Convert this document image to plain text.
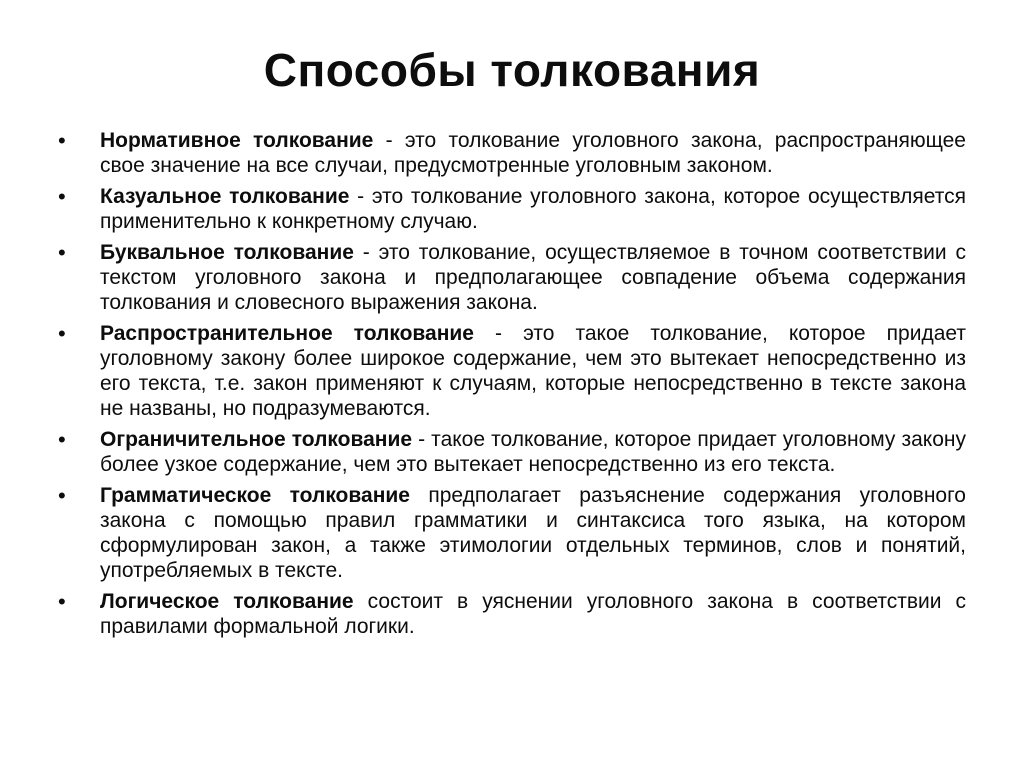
Способы толкования
•	Нормативное толкование - это толкование уголовного закона, распространяющее свое значение на все случаи, предусмотренные уголовным законом.
•	Казуальное толкование - это толкование уголовного закона, которое осуществляется применительно к конкретному случаю.
•	Буквальное толкование - это толкование, осуществляемое в точном соответствии с текстом уголовного закона и предполагающее совпадение объема содержания толкования и словесного выражения закона.
•	Распространительное толкование - это такое толкование, которое придает уголовному закону более широкое содержание, чем это вытекает непосредственно из его текста, т.е. закон применяют к случаям, которые непосредственно в тексте закона не названы, но подразумеваются.
•	Ограничительное толкование - такое толкование, которое придает уголовному закону более узкое содержание, чем это вытекает непосредственно из его текста.
•	Грамматическое толкование предполагает разъяснение содержания уголовного закона с помощью правил грамматики и синтаксиса того языка, на котором сформулирован закон, а также этимологии отдельных терминов, слов и понятий, употребляемых в тексте.
•	Логическое толкование состоит в уяснении уголовного закона в соответствии с правилами формальной логики.
